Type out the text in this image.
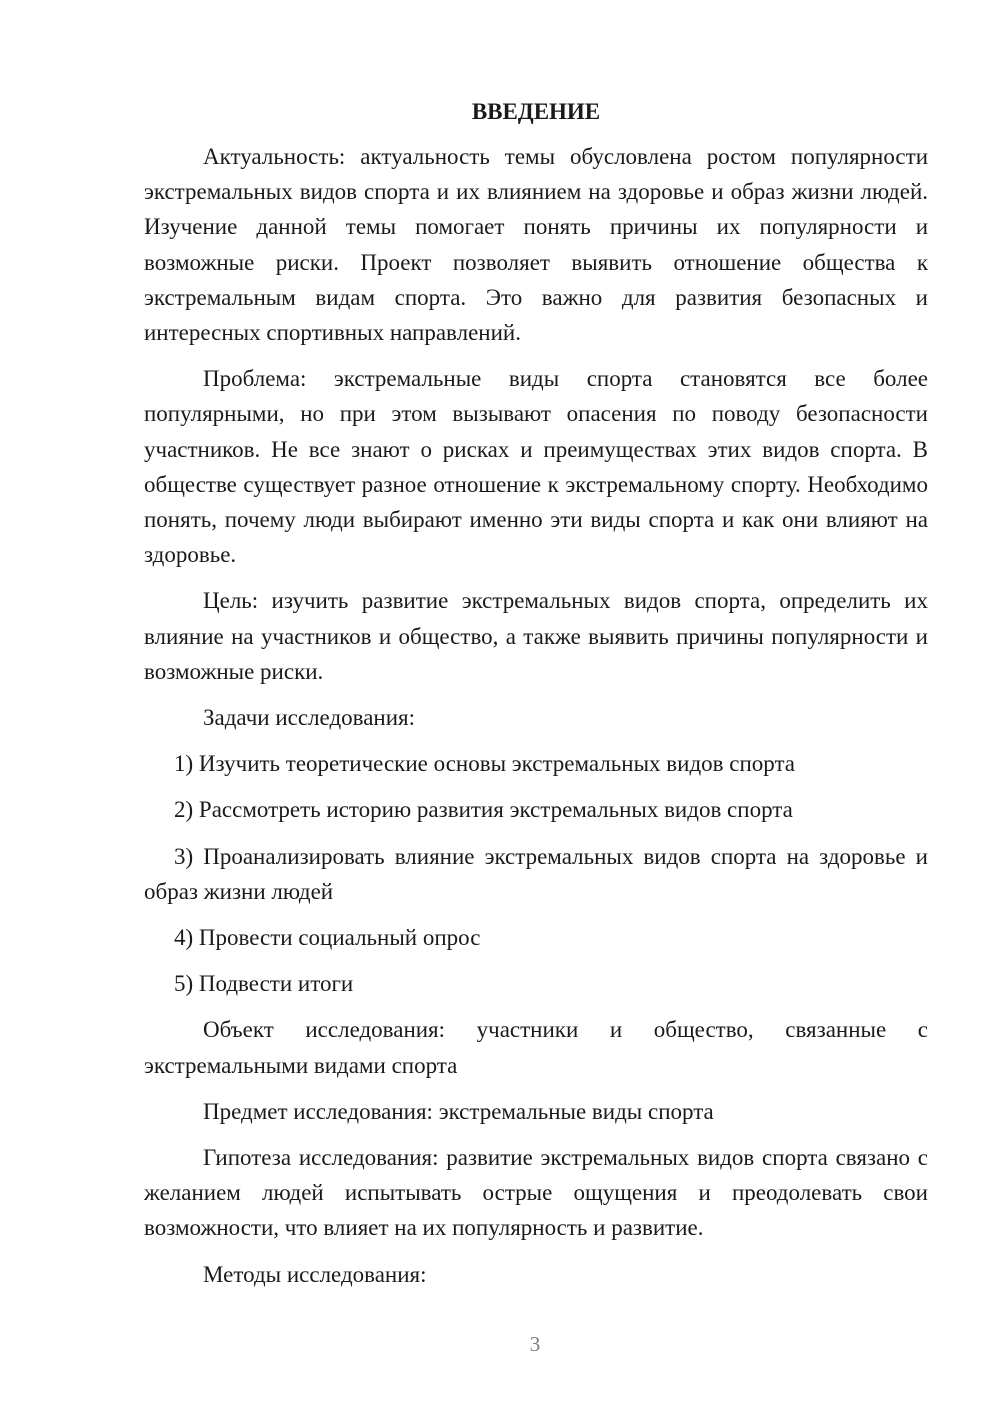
ВВЕДЕНИЕ

Актуальность: актуальность темы обусловлена ростом популярности экстремальных видов спорта и их влиянием на здоровье и образ жизни людей. Изучение данной темы помогает понять причины их популярности и возможные риски. Проект позволяет выявить отношение общества к экстремальным видам спорта. Это важно для развития безопасных и интересных спортивных направлений.

Проблема: экстремальные виды спорта становятся все более популярными, но при этом вызывают опасения по поводу безопасности участников. Не все знают о рисках и преимуществах этих видов спорта. В обществе существует разное отношение к экстремальному спорту. Необходимо понять, почему люди выбирают именно эти виды спорта и как они влияют на здоровье.

Цель: изучить развитие экстремальных видов спорта, определить их влияние на участников и общество, а также выявить причины популярности и возможные риски.

Задачи исследования:

1) Изучить теоретические основы экстремальных видов спорта

2) Рассмотреть историю развития экстремальных видов спорта

3) Проанализировать влияние экстремальных видов спорта на здоровье и образ жизни людей

4) Провести социальный опрос

5) Подвести итоги

Объект исследования: участники и общество, связанные с экстремальными видами спорта

Предмет исследования: экстремальные виды спорта

Гипотеза исследования: развитие экстремальных видов спорта связано с желанием людей испытывать острые ощущения и преодолевать свои возможности, что влияет на их популярность и развитие.

Методы исследования:

3
